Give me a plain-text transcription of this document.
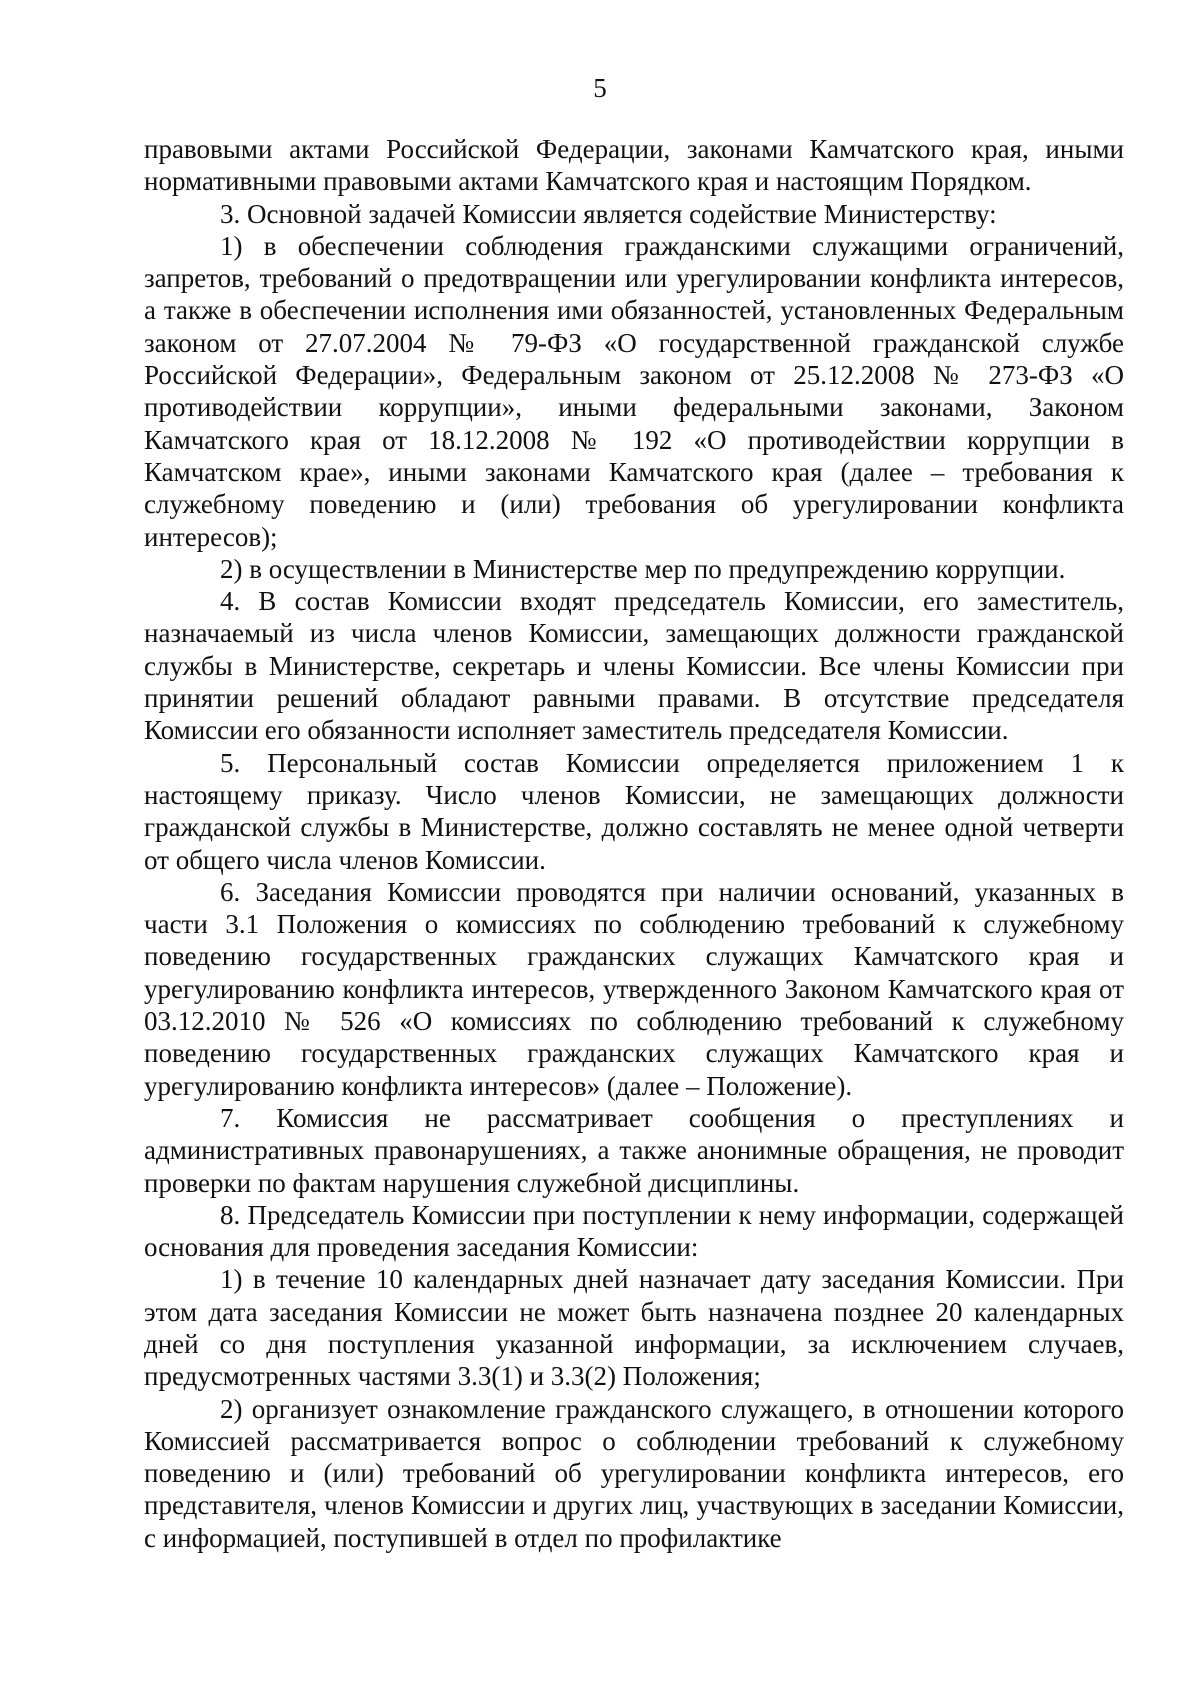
5

правовыми актами Российской Федерации, законами Камчатского края, иными нормативными правовыми актами Камчатского края и настоящим Порядком.

3. Основной задачей Комиссии является содействие Министерству:

1) в обеспечении соблюдения гражданскими служащими ограничений, запретов, требований о предотвращении или урегулировании конфликта интересов, а также в обеспечении исполнения ими обязанностей, установленных Федеральным законом от 27.07.2004 № 79-ФЗ «О государственной гражданской службе Российской Федерации», Федеральным законом от 25.12.2008 № 273-ФЗ «О противодействии коррупции», иными федеральными законами, Законом Камчатского края от 18.12.2008 № 192 «О противодействии коррупции в Камчатском крае», иными законами Камчатского края (далее – требования к служебному поведению и (или) требования об урегулировании конфликта интересов);

2) в осуществлении в Министерстве мер по предупреждению коррупции.

4. В состав Комиссии входят председатель Комиссии, его заместитель, назначаемый из числа членов Комиссии, замещающих должности гражданской службы в Министерстве, секретарь и члены Комиссии. Все члены Комиссии при принятии решений обладают равными правами. В отсутствие председателя Комиссии его обязанности исполняет заместитель председателя Комиссии.

5. Персональный состав Комиссии определяется приложением 1 к настоящему приказу. Число членов Комиссии, не замещающих должности гражданской службы в Министерстве, должно составлять не менее одной четверти от общего числа членов Комиссии.

6. Заседания Комиссии проводятся при наличии оснований, указанных в части 3.1 Положения о комиссиях по соблюдению требований к служебному поведению государственных гражданских служащих Камчатского края и урегулированию конфликта интересов, утвержденного Законом Камчатского края от 03.12.2010 № 526 «О комиссиях по соблюдению требований к служебному поведению государственных гражданских служащих Камчатского края и урегулированию конфликта интересов» (далее – Положение).

7. Комиссия не рассматривает сообщения о преступлениях и административных правонарушениях, а также анонимные обращения, не проводит проверки по фактам нарушения служебной дисциплины.

8. Председатель Комиссии при поступлении к нему информации, содержащей основания для проведения заседания Комиссии:

1) в течение 10 календарных дней назначает дату заседания Комиссии. При этом дата заседания Комиссии не может быть назначена позднее 20 календарных дней со дня поступления указанной информации, за исключением случаев, предусмотренных частями 3.3(1) и 3.3(2) Положения;

2) организует ознакомление гражданского служащего, в отношении которого Комиссией рассматривается вопрос о соблюдении требований к служебному поведению и (или) требований об урегулировании конфликта интересов, его представителя, членов Комиссии и других лиц, участвующих в заседании Комиссии, с информацией, поступившей в отдел по профилактике
